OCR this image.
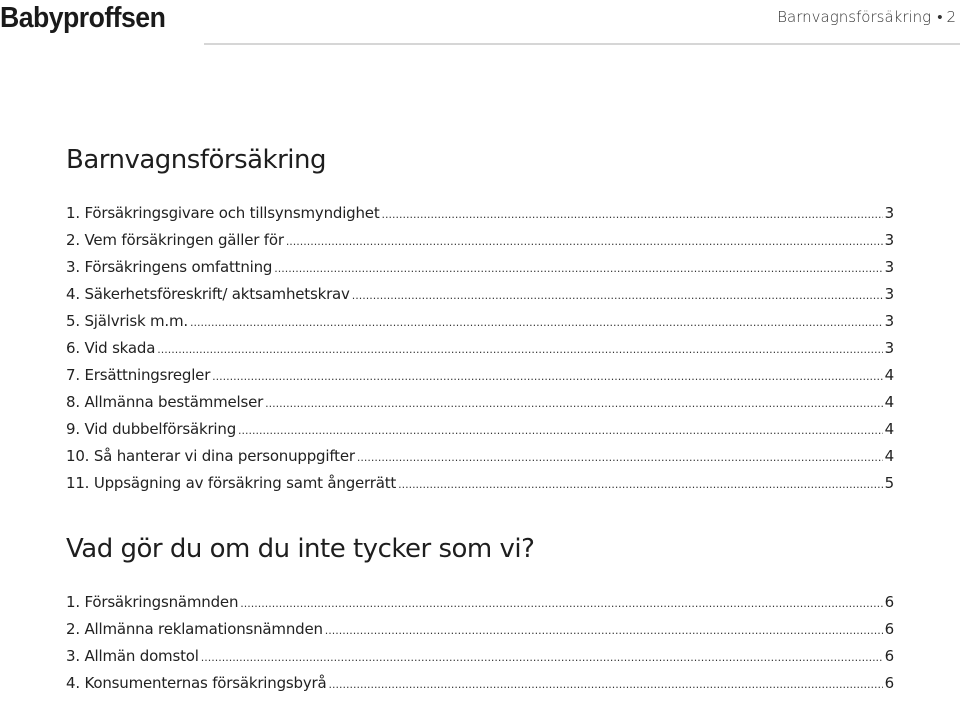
Babyproffsen	Barnvagnsförsäkring • 2
Barnvagnsförsäkring
1. Försäkringsgivare och tillsynsmyndighet .....	3
2. Vem försäkringen gäller för .....	3
3. Försäkringens omfattning .....	3
4. Säkerhetsföreskrift/ aktsamhetskrav .....	3
5. Självrisk m.m. .....	3
6. Vid skada .....	3
7. Ersättningsregler .....	4
8. Allmänna bestämmelser .....	4
9. Vid dubbelförsäkring .....	4
10. Så hanterar vi dina personuppgifter .....	4
11. Uppsägning av försäkring samt ångerrätt .....	5
Vad gör du om du inte tycker som vi?
1. Försäkringsnämnden .....	6
2. Allmänna reklamationsnämnden .....	6
3. Allmän domstol .....	6
4. Konsumenternas försäkringsbyrå .....	6
